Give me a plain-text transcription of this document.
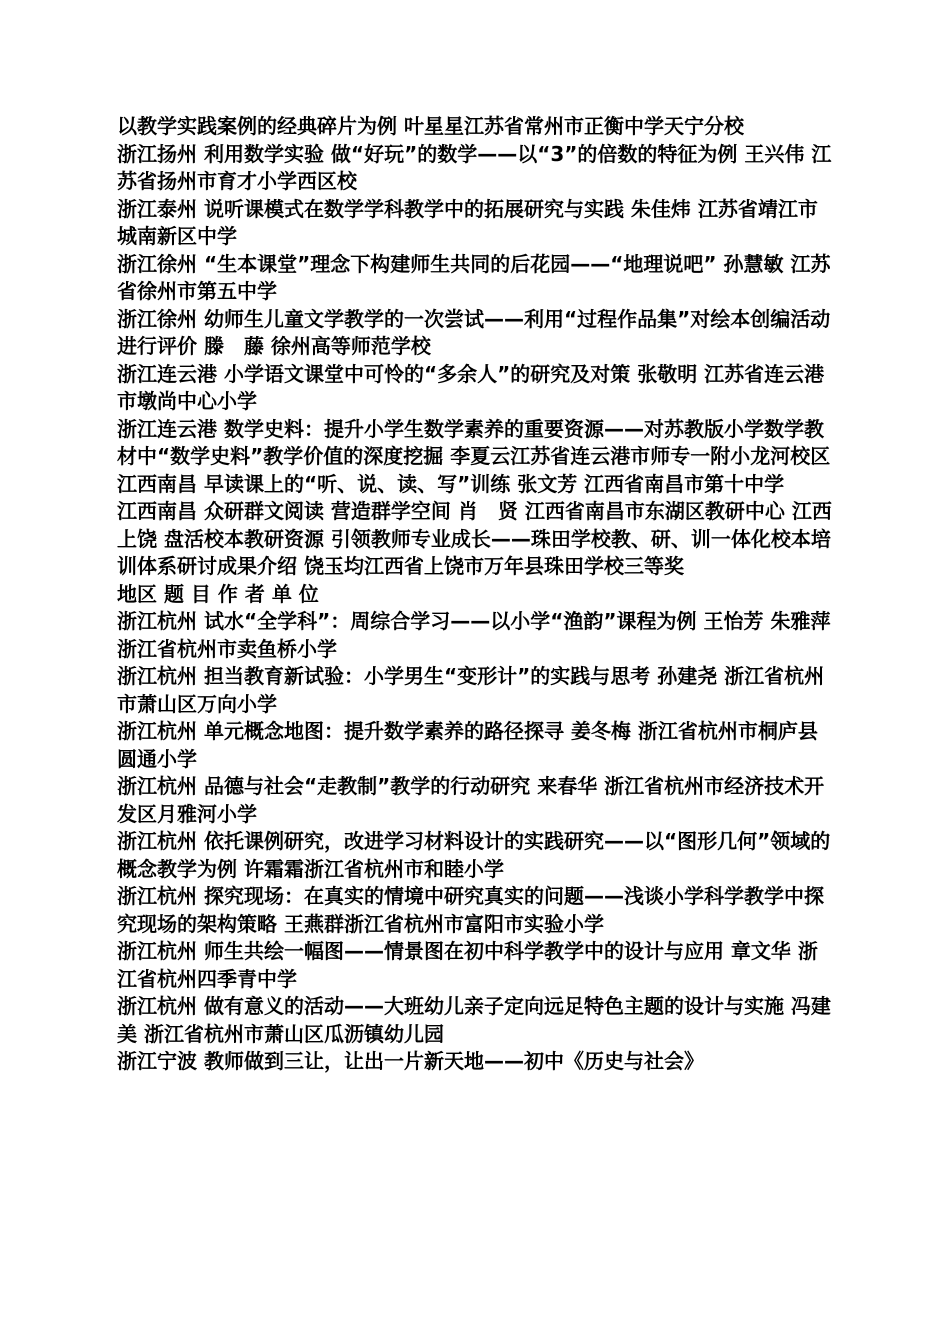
以教学实践案例的经典碎片为例 叶星星江苏省常州市正衡中学天宁分校

浙江扬州 利用数学实验 做“好玩”的数学——以“3”的倍数的特征为例 王兴伟 江苏省扬州市育才小学西区校

浙江泰州 说听课模式在数学学科教学中的拓展研究与实践 朱佳炜 江苏省靖江市城南新区中学

浙江徐州 “生本课堂”理念下构建师生共同的后花园——“地理说吧” 孙慧敏 江苏省徐州市第五中学

浙江徐州 幼师生儿童文学教学的一次尝试——利用“过程作品集”对绘本创编活动进行评价 滕　藤 徐州高等师范学校

浙江连云港 小学语文课堂中可怜的“多余人”的研究及对策 张敬明 江苏省连云港市墩尚中心小学

浙江连云港 数学史料：提升小学生数学素养的重要资源——对苏教版小学数学教材中“数学史料”教学价值的深度挖掘 李夏云江苏省连云港市师专一附小龙河校区

江西南昌 早读课上的“听、说、读、写”训练 张文芳 江西省南昌市第十中学

江西南昌 众研群文阅读 营造群学空间 肖　贤 江西省南昌市东湖区教研中心 江西上饶 盘活校本教研资源 引领教师专业成长——珠田学校教、研、训一体化校本培训体系研讨成果介绍 饶玉均江西省上饶市万年县珠田学校三等奖

地区 题 目 作 者 单 位

浙江杭州 试水“全学科”：周综合学习——以小学“渔韵”课程为例 王怡芳 朱雅萍 浙江省杭州市卖鱼桥小学

浙江杭州 担当教育新试验：小学男生“变形计”的实践与思考 孙建尧 浙江省杭州市萧山区万向小学

浙江杭州 单元概念地图：提升数学素养的路径探寻 姜冬梅 浙江省杭州市桐庐县圆通小学

浙江杭州 品德与社会“走教制”教学的行动研究 来春华 浙江省杭州市经济技术开发区月雅河小学

浙江杭州 依托课例研究，改进学习材料设计的实践研究——以“图形几何”领域的概念教学为例 许霜霜浙江省杭州市和睦小学

浙江杭州 探究现场：在真实的情境中研究真实的问题——浅谈小学科学教学中探究现场的架构策略 王燕群浙江省杭州市富阳市实验小学

浙江杭州 师生共绘一幅图——情景图在初中科学教学中的设计与应用 章文华 浙江省杭州四季青中学

浙江杭州 做有意义的活动——大班幼儿亲子定向远足特色主题的设计与实施 冯建美 浙江省杭州市萧山区瓜沥镇幼儿园

浙江宁波 教师做到三让，让出一片新天地——初中《历史与社会》
